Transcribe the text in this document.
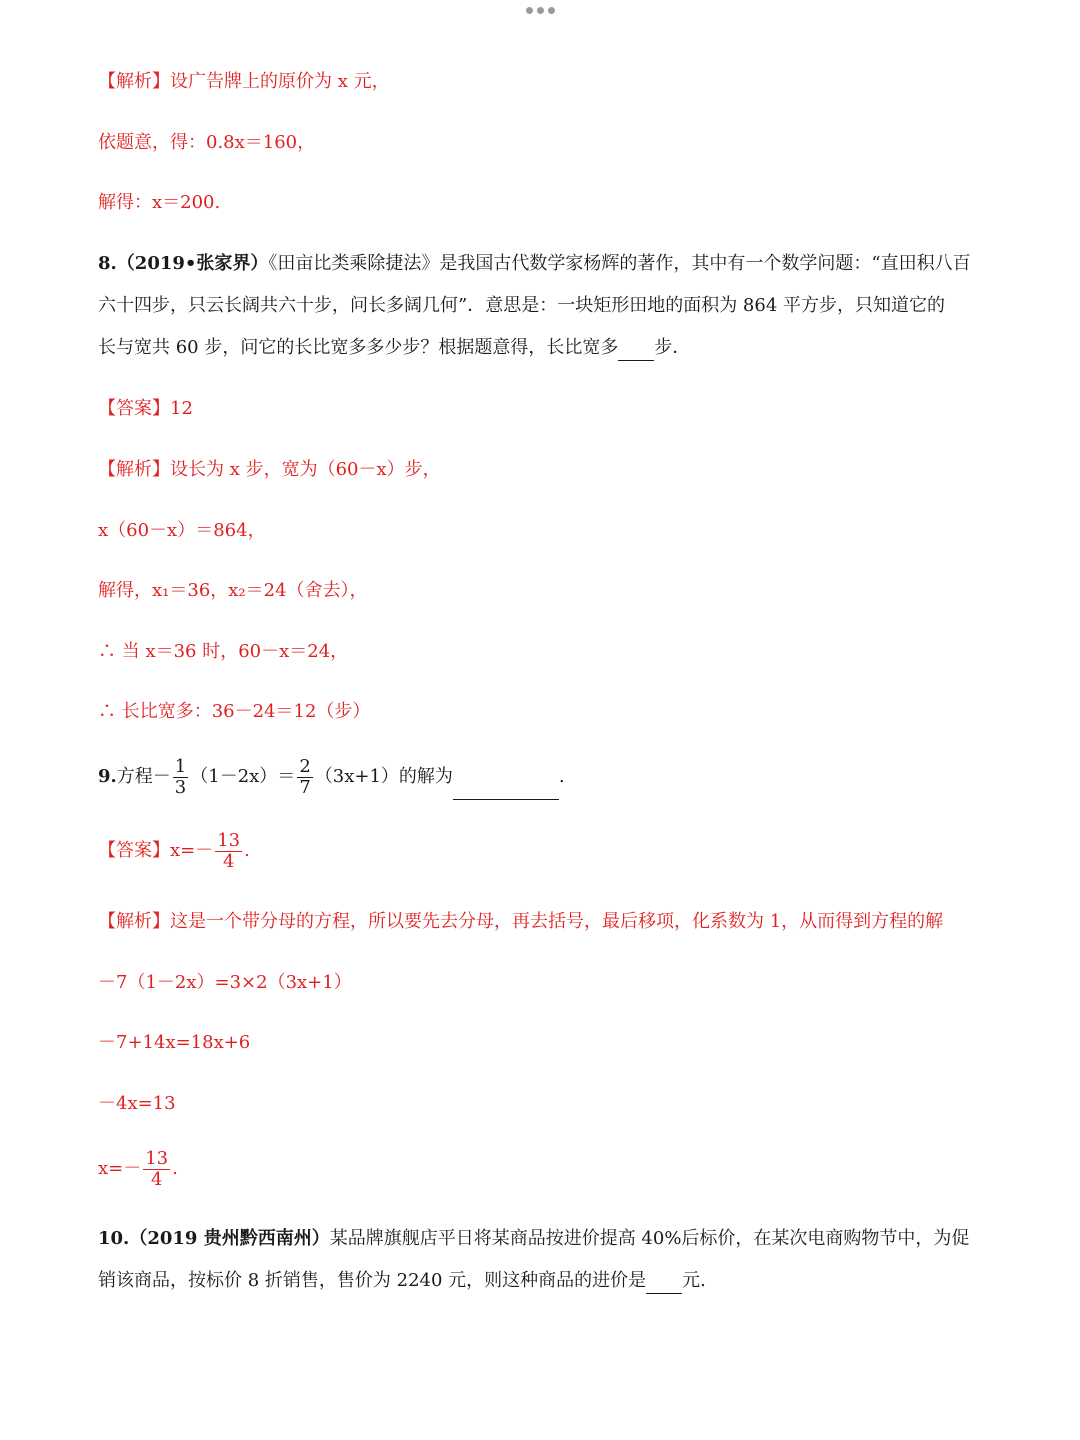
【解析】设广告牌上的原价为 x 元，
依题意，得：0.8x＝160，
解得：x＝200.
8.（2019•张家界）《田亩比类乘除捷法》是我国古代数学家杨辉的著作，其中有一个数学问题：“直田积八百
六十四步，只云长阔共六十步，问长多阔几何”．意思是：一块矩形田地的面积为 864 平方步，只知道它的
长与宽共 60 步，问它的长比宽多多少步？根据题意得，长比宽多 步．
【答案】12
【解析】设长为 x 步，宽为（60－x）步，
x（60－x）＝864，
解得，x₁＝36，x₂＝24（舍去），
∴ 当 x＝36 时，60－x＝24，
∴ 长比宽多：36－24＝12（步）
9.方程－ $\frac{1}{3} (1-2x)= \frac{2}{7} (3x+1)$的解为	.
【答案】$x=- \frac{13}{4}$ .
【解析】这是一个带分母的方程，所以要先去分母，再去括号，最后移项，化系数为 1，从而得到方程的解
－7（1－2x）=3×2（3x+1）
－7+14x=18x+6
－4x=13
$x=- \frac{13}{4}$ .
10.（2019 贵州黔西南州）某品牌旗舰店平日将某商品按进价提高 40%后标价，在某次电商购物节中，为促
销该商品，按标价 8 折销售，售价为 2240 元，则这种商品的进价是 元.
